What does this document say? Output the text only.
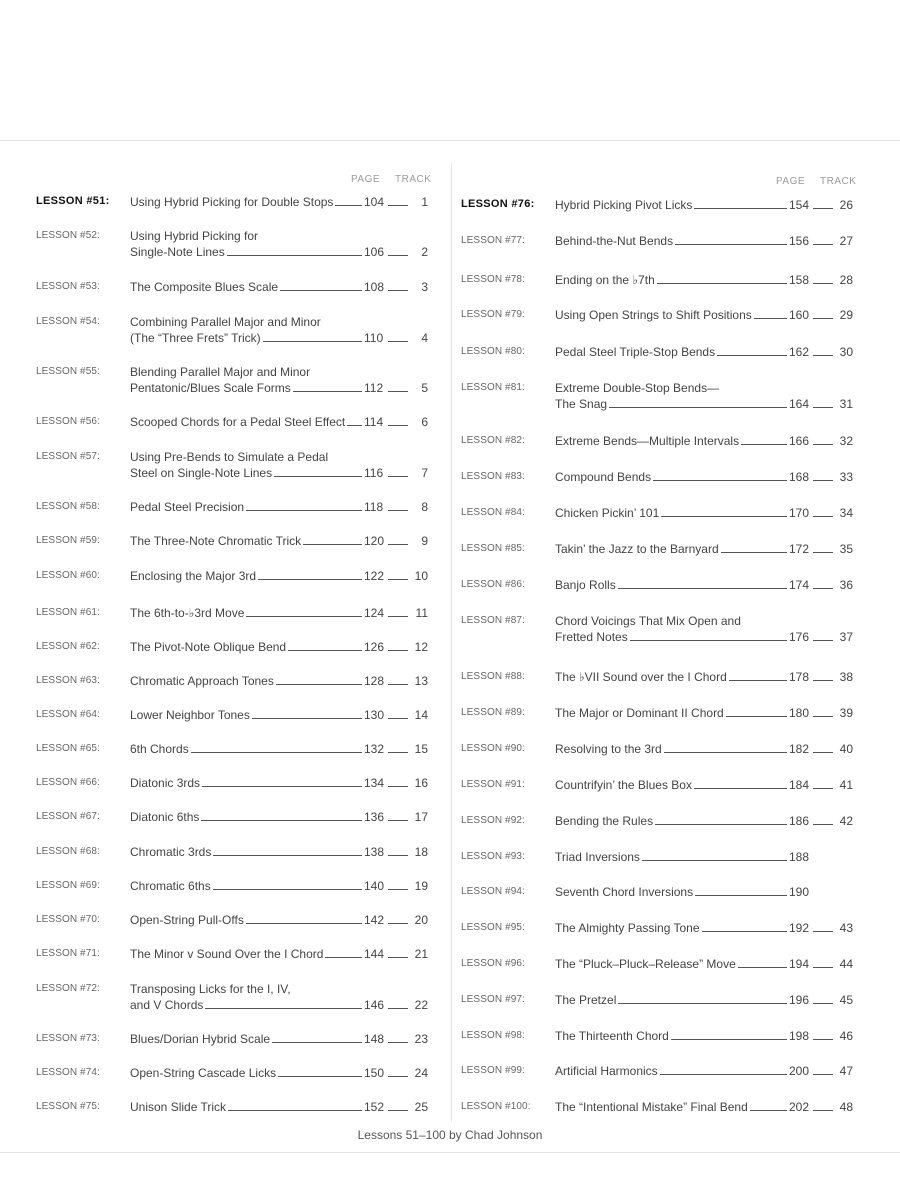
PAGE TRACK
LESSON #51: Using Hybrid Picking for Double Stops	104	1
LESSON #52:	Using Hybrid Picking for
Single-Note Lines	106	2
LESSON #53:	The Composite Blues Scale	108	3
LESSON #54:	Combining Parallel Major and Minor
(The “Three Frets” Trick)	110	4
LESSON #55:	Blending Parallel Major and Minor
Pentatonic/Blues Scale Forms	112	5
LESSON #56:	Scooped Chords for a Pedal Steel Effect 114	6
LESSON #57:	Using Pre-Bends to Simulate a Pedal
Steel on Single-Note Lines	116	7
LESSON #58:	Pedal Steel Precision	118	8
LESSON #59:	The Three-Note Chromatic Trick	120	9
LESSON #60:	Enclosing the Major 3rd	122	10
LESSON #61:	The 6th-to-♭3rd Move	124	11
LESSON #62:	The Pivot-Note Oblique Bend	126	12
LESSON #63:	Chromatic Approach Tones	128	13
LESSON #64:	Lower Neighbor Tones	130	14
LESSON #65:	6th Chords	132	15
LESSON #66:	Diatonic 3rds	134	16
LESSON #67:	Diatonic 6ths	136	17
LESSON #68:	Chromatic 3rds	138	18
LESSON #69:	Chromatic 6ths	140	19
LESSON #70:	Open-String Pull-Offs	142	20
LESSON #71:	The Minor v Sound Over the I Chord	144	21
LESSON #72:	Transposing Licks for the I, IV,
and V Chords	146	22
LESSON #73:	Blues/Dorian Hybrid Scale	148	23
LESSON #74:	Open-String Cascade Licks	150	24
LESSON #75:	Unison Slide Trick	152	25
PAGE TRACK
LESSON #76: Hybrid Picking Pivot Licks	154	26
LESSON #77:	Behind-the-Nut Bends	156	27
LESSON #78:	Ending on the ♭7th	158	28
LESSON #79:	Using Open Strings to Shift Positions	160	29
LESSON #80:	Pedal Steel Triple-Stop Bends	162	30
LESSON #81:	Extreme Double-Stop Bends—
The Snag	164	31
LESSON #82:	Extreme Bends—Multiple Intervals	166	32
LESSON #83:	Compound Bends	168	33
LESSON #84:	Chicken Pickin’ 101	170	34
LESSON #85:	Takin’ the Jazz to the Barnyard	172	35
LESSON #86:	Banjo Rolls	174	36
LESSON #87:	Chord Voicings That Mix Open and
Fretted Notes	176	37
LESSON #88:	The ♭VII Sound over the I Chord	178	38
LESSON #89:	The Major or Dominant II Chord	180	39
LESSON #90:	Resolving to the 3rd	182	40
LESSON #91:	Countrifyin’ the Blues Box	184	41
LESSON #92:	Bending the Rules	186	42
LESSON #93:	Triad Inversions	188
LESSON #94:	Seventh Chord Inversions	190
LESSON #95:	The Almighty Passing Tone	192	43
LESSON #96:	The “Pluck–Pluck–Release” Move	194	44
LESSON #97:	The Pretzel	196	45
LESSON #98:	The Thirteenth Chord	198	46
LESSON #99:	Artificial Harmonics	200	47
LESSON #100: The “Intentional Mistake” Final Bend	202	48
Lessons 51–100 by Chad Johnson
